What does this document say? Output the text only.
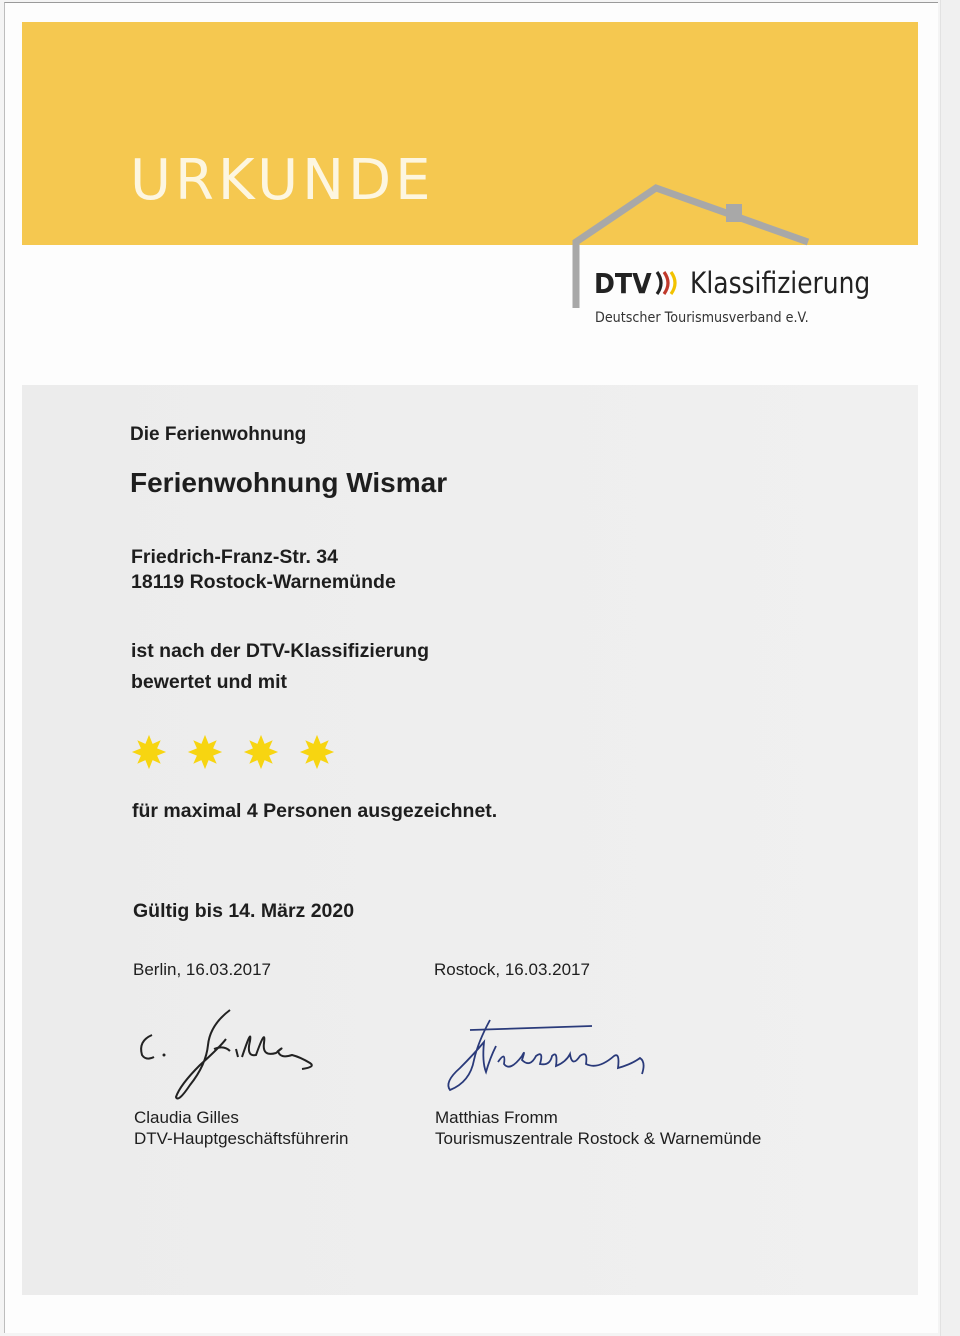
URKUNDE
DTV Klassifizierung
Deutscher Tourismusverband e.V.
Die Ferienwohnung
Ferienwohnung Wismar
Friedrich-Franz-Str. 34
18119 Rostock-Warnemünde
ist nach der DTV-Klassifizierung
bewertet und mit
für maximal 4 Personen ausgezeichnet.
Gültig bis 14. März 2020
Berlin, 16.03.2017	Rostock, 16.03.2017
Claudia Gilles
DTV-Hauptgeschäftsführerin
Matthias Fromm
Tourismuszentrale Rostock & Warnemünde
